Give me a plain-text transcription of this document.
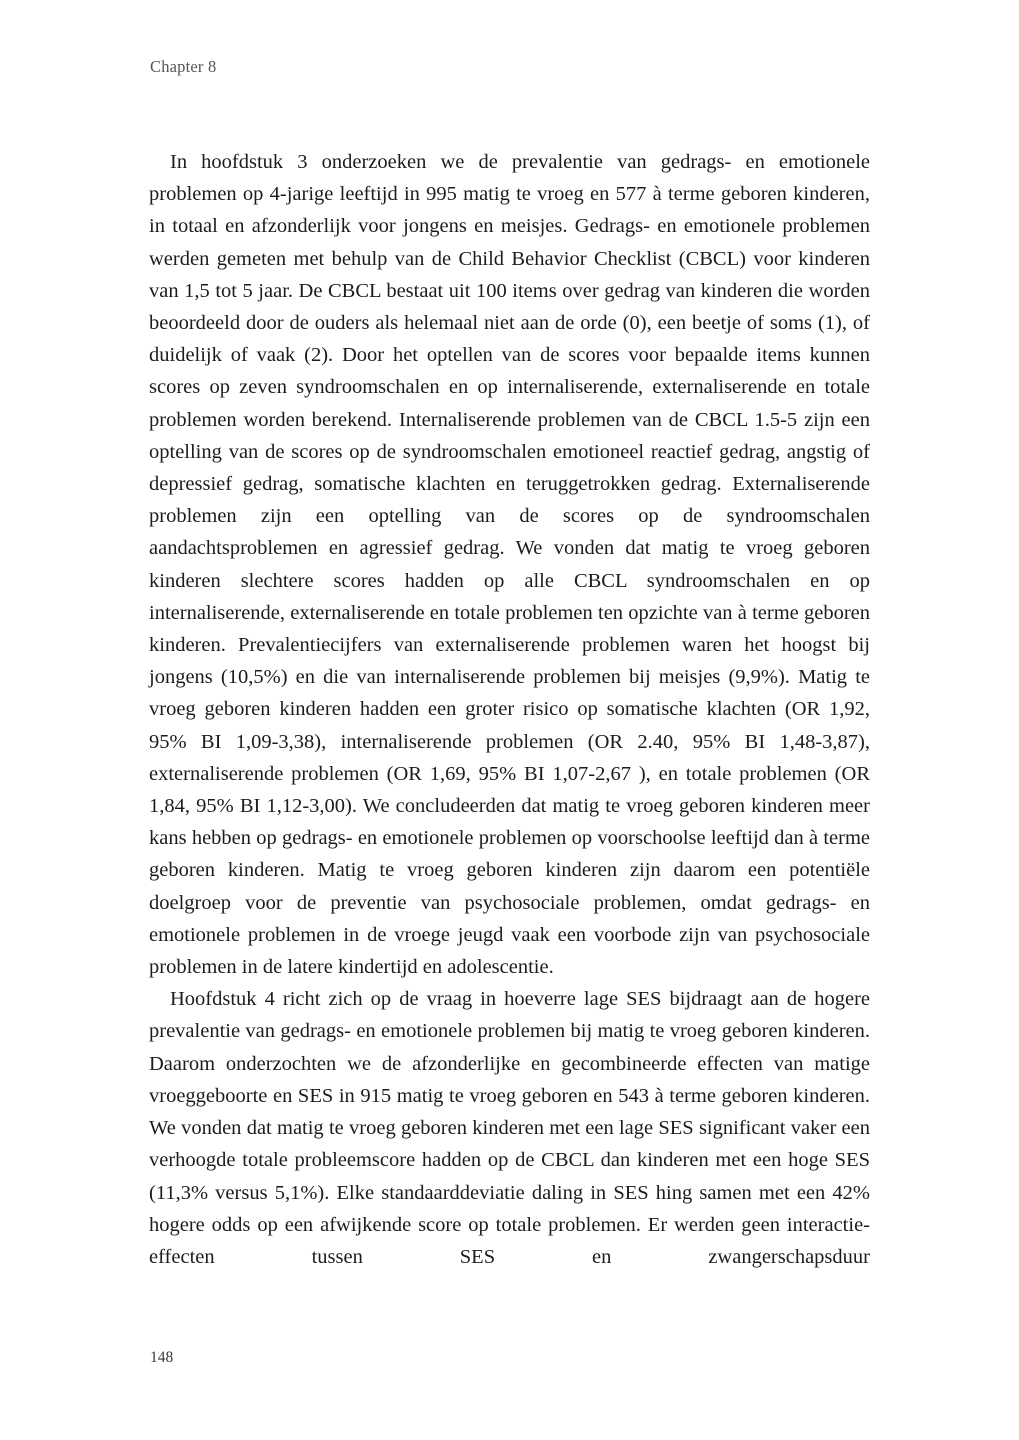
Chapter 8

In hoofdstuk 3 onderzoeken we de prevalentie van gedrags- en emotionele problemen op 4-jarige leeftijd in 995 matig te vroeg en 577 à terme geboren kinderen, in totaal en afzonderlijk voor jongens en meisjes. Gedrags- en emotionele problemen werden gemeten met behulp van de Child Behavior Checklist (CBCL) voor kinderen van 1,5 tot 5 jaar. De CBCL bestaat uit 100 items over gedrag van kinderen die worden beoordeeld door de ouders als helemaal niet aan de orde (0), een beetje of soms (1), of duidelijk of vaak (2). Door het optellen van de scores voor bepaalde items kunnen scores op zeven syndroomschalen en op internaliserende, externaliserende en totale problemen worden berekend. Internaliserende problemen van de CBCL 1.5-5 zijn een optelling van de scores op de syndroomschalen emotioneel reactief gedrag, angstig of depressief gedrag, somatische klachten en teruggetrokken gedrag. Externaliserende problemen zijn een optelling van de scores op de syndroomschalen aandachtsproblemen en agressief gedrag. We vonden dat matig te vroeg geboren kinderen slechtere scores hadden op alle CBCL syndroomschalen en op internaliserende, externaliserende en totale problemen ten opzichte van à terme geboren kinderen. Prevalentiecijfers van externaliserende problemen waren het hoogst bij jongens (10,5%) en die van internaliserende problemen bij meisjes (9,9%). Matig te vroeg geboren kinderen hadden een groter risico op somatische klachten (OR 1,92, 95% BI 1,09-3,38), internaliserende problemen (OR 2.40, 95% BI 1,48-3,87), externaliserende problemen (OR 1,69, 95% BI 1,07-2,67 ), en totale problemen (OR 1,84, 95% BI 1,12-3,00). We concludeerden dat matig te vroeg geboren kinderen meer kans hebben op gedrags- en emotionele problemen op voorschoolse leeftijd dan à terme geboren kinderen. Matig te vroeg geboren kinderen zijn daarom een potentiële doelgroep voor de preventie van psychosociale problemen, omdat gedrags- en emotionele problemen in de vroege jeugd vaak een voorbode zijn van psychosociale problemen in de latere kindertijd en adolescentie.

Hoofdstuk 4 richt zich op de vraag in hoeverre lage SES bijdraagt aan de hogere prevalentie van gedrags- en emotionele problemen bij matig te vroeg geboren kinderen. Daarom onderzochten we de afzonderlijke en gecombineerde effecten van matige vroeggeboorte en SES in 915 matig te vroeg geboren en 543 à terme geboren kinderen. We vonden dat matig te vroeg geboren kinderen met een lage SES significant vaker een verhoogde totale probleemscore hadden op de CBCL dan kinderen met een hoge SES (11,3% versus 5,1%). Elke standaarddeviatie daling in SES hing samen met een 42% hogere odds op een afwijkende score op totale problemen. Er werden geen interactie-effecten tussen SES en zwangerschapsduur

148
